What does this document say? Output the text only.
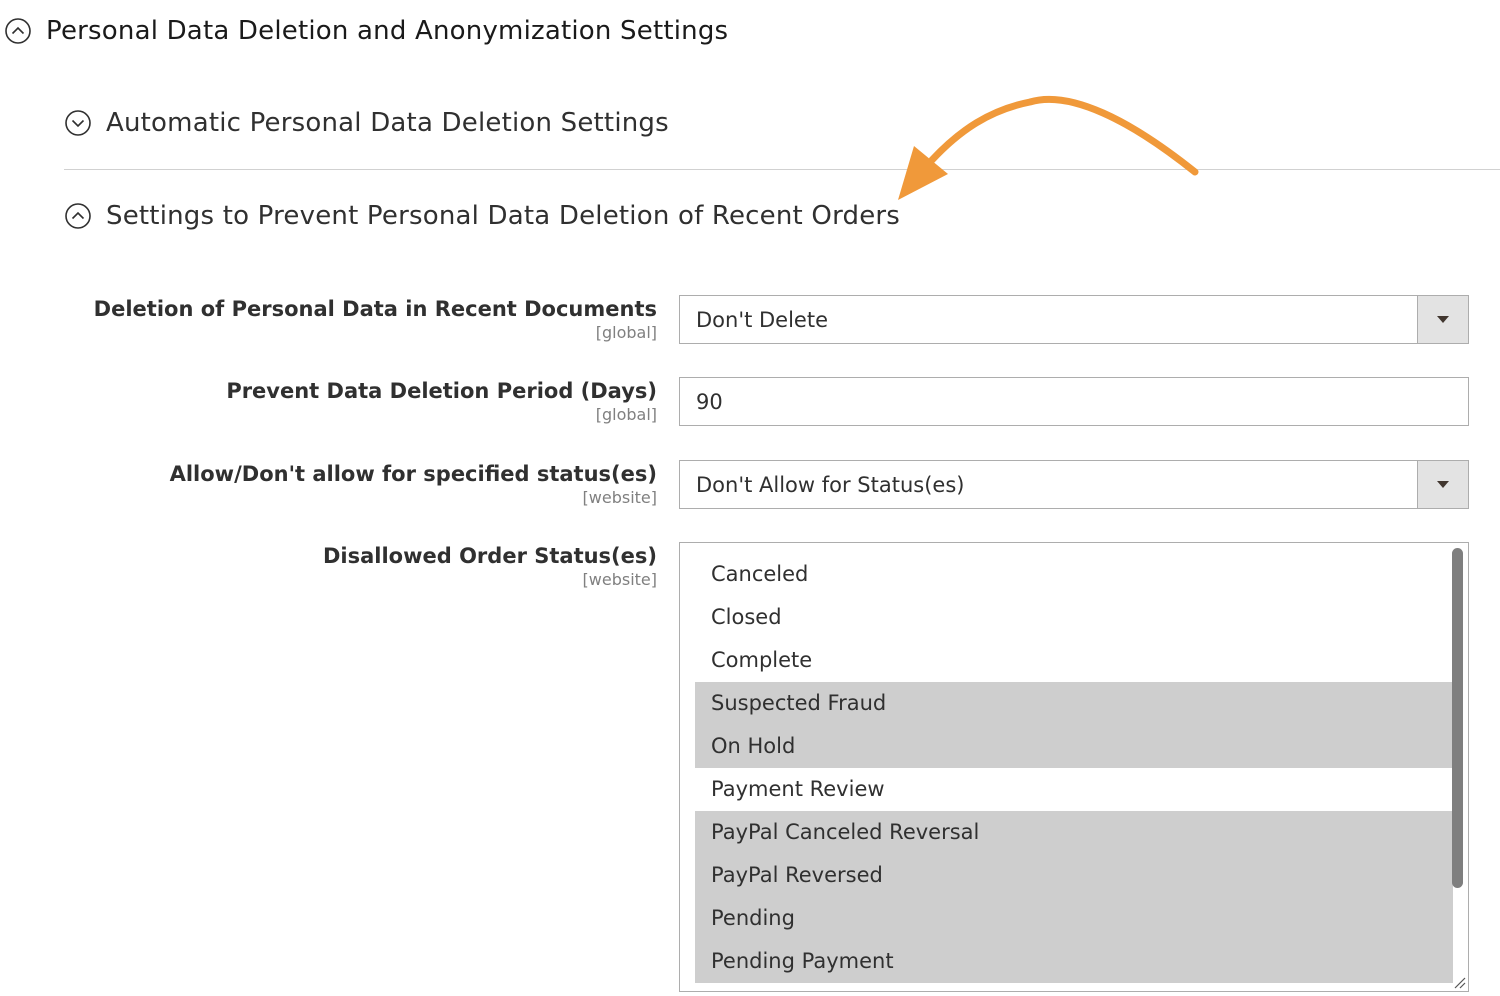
Personal Data Deletion and Anonymization Settings
Automatic Personal Data Deletion Settings
Settings to Prevent Personal Data Deletion of Recent Orders
Deletion of Personal Data in Recent Documents
[global]
Don't Delete
Prevent Data Deletion Period (Days)
[global]
90
Allow/Don't allow for specified status(es)
[website]
Don't Allow for Status(es)
Disallowed Order Status(es)
[website]	Canceled
Closed
Complete
Suspected Fraud
On Hold
Payment Review
PayPal Canceled Reversal
PayPal Reversed
Pending
Pending Payment
